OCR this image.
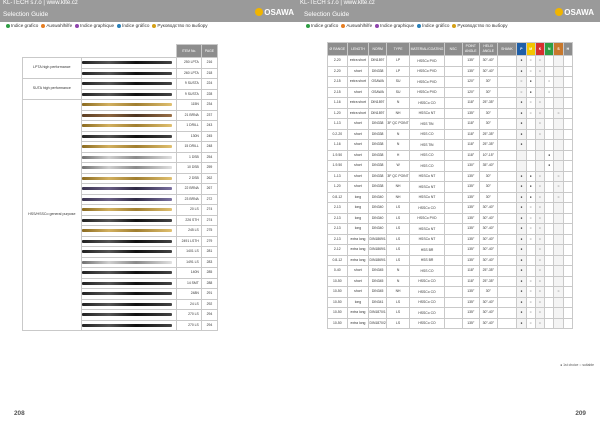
KL-TECH s.r.o | www.klte.cz
Selection Guide	OSAWA
Indice grafico Auswahlhilfe Indice graphique Índice gráfico Руководство по выбору
		ITEM No.	PAGE
LPTA high performance		250 LPTA	216

		260 LPTA	218
SUTA high performance		9 SUSTA	224

		9 SUSTA	228
HSS/HSSCo general purpose		115N	234

		21 BRNA	237

		1 DRILL	243

		130N	245

		15 DRILL	248

		1 DSB	254

		10 DSB	259

		2 DSB	262

		22 BRNA	267

		23 BRNA	272

		20 LS	274

		226 STH	274

		245 LS	275

		2491 LSTH	279

		1401 LS	281

		1491 LS	283

		140N	285

		14 SMT	288

		248N	291

		24 LS	292

		270 LS	294

		270 LS	294
208
KL-TECH s.r.o | www.klte.cz
Selection Guide	OSAWA
Indice grafico Auswahlhilfe Indice graphique Índice gráfico Руководство по выбору
Ø RANGE	LENGTH	NORM	TYPE	MATERIAL/COATING	NSC	POINT ANGLE	HELIX ANGLE	SHANK	P	M	K	N	S	H
2-20	extra short	DIN1897	LP	HSSCo PVD		135°	30°-40°		●	○	○			
2-20	short	DIN338	LP	HSSCo PVD		135°	30°-40°		●	○	○			
2-15	extra short	OSAWA	SU	HSSCo PVD		120°	30°		○	●		○		
2-15	short	OSAWA	SU	HSSCo PVD		120°	30°		○	●		○		
1-16	extra short	DIN1897	N	HSSCo CO		118°	25°-35°		●	○	○			
1-20	extra short	DIN1897	NH	HSSCo NT		135°	30°		●	○	○		○	
1-13	short	DIN338	3F QC POINT	HSS TiN		118°	30°		●		○			
0.2-20	short	DIN338	N	HSS CO		118°	25°-35°		●		○			
1-16	short	DIN338	N	HSS TiN		118°	25°-35°		●					
1-9.50	short	DIN338	H	HSS CO		118°	10°-15°					●		
1-9.50	short	DIN338	W	HSS CO		130°	35°-40°					●		
1-13	short	DIN338	3F QC POINT	HSSCo NT		135°	30°		●	●	○		○	
1-20	short	DIN338	NH	HSSCo NT		135°	30°		●	●	○		○	
0.8-12	long	DIN340	NH	HSSCo NT		135°	30°		●	●	○		○	
2-13	long	DIN340	LS	HSSCo CO		135°	30°-40°		●	○	○			
2-13	long	DIN340	LS	HSSCo PVD		135°	30°-40°		●	○	○			
2-13	long	DIN340	LS	HSSCo NT		135°	30°-40°		●	○	○			
2-13	extra long	DIN1869/1	LS	HSSCo NT		135°	30°-40°		●	○	○			
2-12	extra long	DIN1869/1	LS	HSS BR		135°	30°-40°		●		○			
0.8-12	extra long	DIN1869/1	LS	HSS BR		135°	30°-40°		●		○			
0-40	short	DIN345	N	HSS CO		118°	25°-35°		●		○			
10-50	short	DIN345	N	HSSCo CO		118°	25°-35°		●	○	○			
10-50	short	DIN345	NH	HSSCo CO		135°	30°		●	○	○		○	
10-50	long	DIN341	LS	HSSCo CO		135°	30°-40°		●	○	○			
10-50	extra long	DIN1870/1	LS	HSSCo CO		135°	30°-40°		●	○	○			
10-50	extra long	DIN1870/2	LS	HSSCo CO		135°	30°-40°		●	○	○			
● 1st choice ○ suitable
209
